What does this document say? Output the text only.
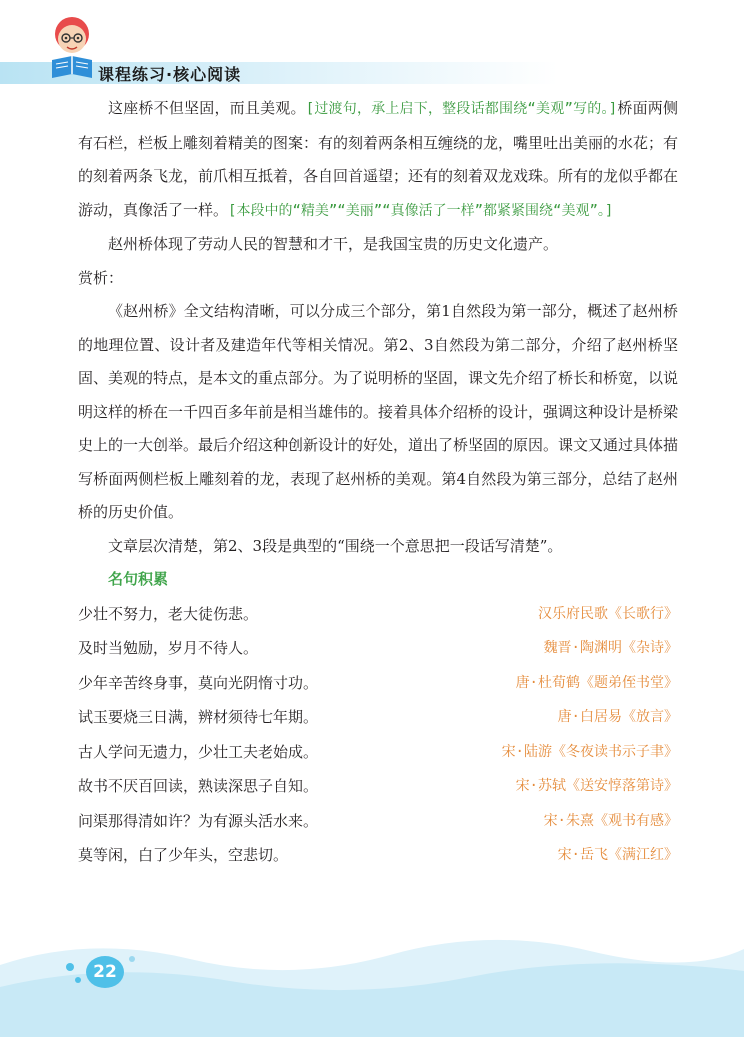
课程练习·核心阅读

这座桥不但坚固，而且美观。[过渡句，承上启下，整段话都围绕“美观”写的。]桥面两侧有石栏，栏板上雕刻着精美的图案：有的刻着两条相互缠绕的龙，嘴里吐出美丽的水花；有的刻着两条飞龙，前爪相互抵着，各自回首遥望；还有的刻着双龙戏珠。所有的龙似乎都在游动，真像活了一样。[本段中的“精美”“美丽”“真像活了一样”都紧紧围绕“美观”。]

赵州桥体现了劳动人民的智慧和才干，是我国宝贵的历史文化遗产。

赏析：

《赵州桥》全文结构清晰，可以分成三个部分，第1自然段为第一部分，概述了赵州桥的地理位置、设计者及建造年代等相关情况。第2、3自然段为第二部分，介绍了赵州桥坚固、美观的特点，是本文的重点部分。为了说明桥的坚固，课文先介绍了桥长和桥宽，以说明这样的桥在一千四百多年前是相当雄伟的。接着具体介绍桥的设计，强调这种设计是桥梁史上的一大创举。最后介绍这种创新设计的好处，道出了桥坚固的原因。课文又通过具体描写桥面两侧栏板上雕刻着的龙，表现了赵州桥的美观。第4自然段为第三部分，总结了赵州桥的历史价值。

文章层次清楚，第2、3段是典型的“围绕一个意思把一段话写清楚”。

名句积累
少壮不努力，老大徒伤悲。	汉乐府民歌《长歌行》
及时当勉励，岁月不待人。	魏晋·陶渊明《杂诗》
少年辛苦终身事，莫向光阴惰寸功。	唐·杜荀鹤《题弟侄书堂》
试玉要烧三日满，辨材须待七年期。	唐·白居易《放言》
古人学问无遗力，少壮工夫老始成。	宋·陆游《冬夜读书示子聿》
故书不厌百回读，熟读深思子自知。	宋·苏轼《送安惇落第诗》
问渠那得清如许？为有源头活水来。	宋·朱熹《观书有感》
莫等闲，白了少年头，空悲切。	宋·岳飞《满江红》
22
